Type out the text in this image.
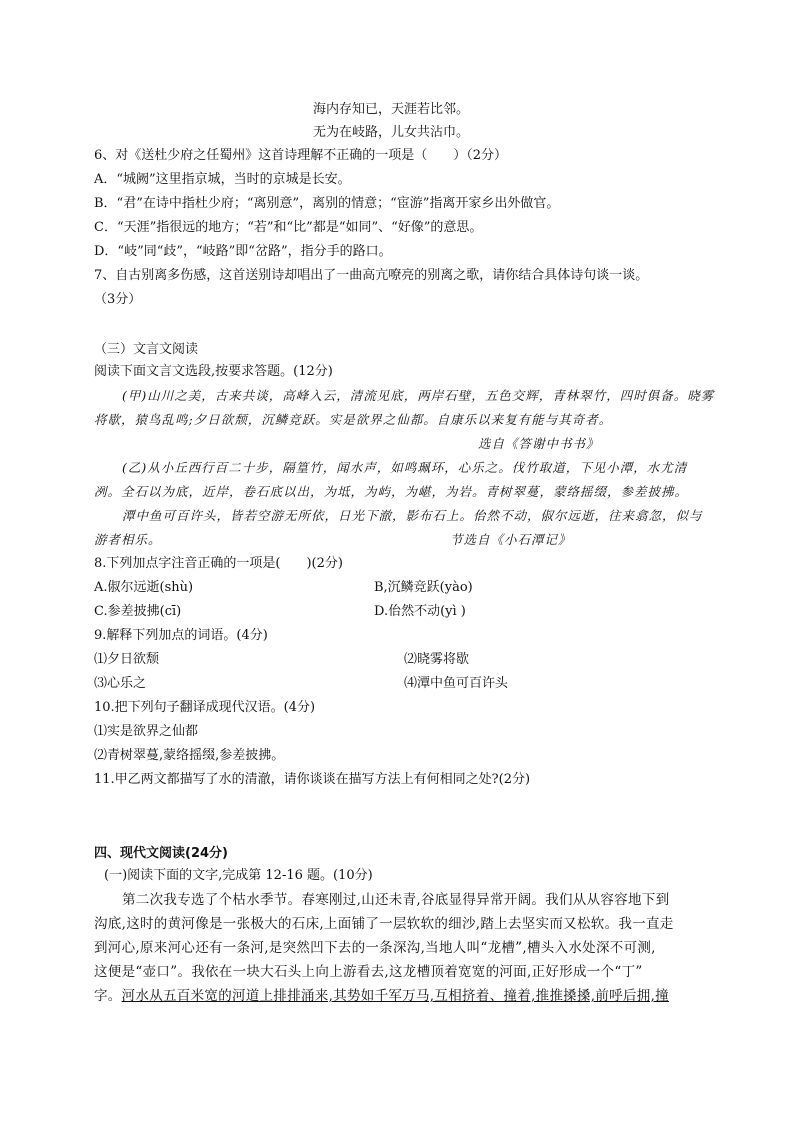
海内存知已，天涯若比邻。
无为在岐路，儿女共沾巾。
6、对《送杜少府之任蜀州》这首诗理解不正确的一项是（　　）（2分）
A．“城阙”这里指京城，当时的京城是长安。
B．“君”在诗中指杜少府；“离别意”，离别的情意；“宦游”指离开家乡出外做官。
C．“天涯”指很远的地方；“若”和“比”都是“如同”、“好像”的意思。
D．“岐”同“歧”，“岐路”即“岔路”，指分手的路口。
7、自古别离多伤感，这首送别诗却唱出了一曲高亢嘹亮的别离之歌，请你结合具体诗句谈一谈。
（3分）
（三）文言文阅读
阅读下面文言文选段,按要求答题。(12分)
(甲)山川之美，古来共谈，高峰入云，清流见底，两岸石壁，五色交辉，青林翠竹，四时俱备。晓雾
将歇，猿鸟乱鸣;夕日欲颓，沉鳞竞跃。实是欲界之仙都。自康乐以来复有能与其奇者。
选自《答谢中书书》
(乙)从小丘西行百二十步，隔篁竹，闻水声，如鸣珮环，心乐之。伐竹取道，下见小潭，水尤清
冽。全石以为底，近岸，卷石底以出，为坻，为屿，为嵁，为岩。青树翠蔓，蒙络摇缀，参差披拂。
潭中鱼可百许头，皆若空游无所依，日光下澈，影布石上。佁然不动，俶尔远逝，往来翕忽，似与
游者相乐。	节选自《小石潭记》
8.下列加点字注音正确的一项是(　　)(2分)
A.俶尔远逝(shù)	B,沉鳞竞跃(yào)
C.参差披拂(cī)	D.佁然不动(yì )
9.解释下列加点的词语。(4分)
⑴夕日欲颓	⑵晓雾将歇
⑶心乐之	⑷潭中鱼可百许头
10.把下列句子翻译成现代汉语。(4分)
⑴实是欲界之仙都
⑵青树翠蔓,蒙络摇缀,参差披拂。
11.甲乙两文都描写了水的清澈，请你谈谈在描写方法上有何相同之处?(2分)
四、现代文阅读(24分)
(一)阅读下面的文字,完成第 12-16 题。(10分)
第二次我专选了个枯水季节。春寒刚过,山还未青,谷底显得异常开阔。我们从从容容地下到
沟底,这时的黄河像是一张极大的石床,上面铺了一层软软的细沙,踏上去坚实而又松软。我一直走
到河心,原来河心还有一条河,是突然凹下去的一条深沟,当地人叫“龙槽”,槽头入水处深不可测,
这便是“壶口”。我依在一块大石头上向上游看去,这龙槽顶着宽宽的河面,正好形成一个“丁”
字。河水从五百米宽的河道上排排涌来,其势如千军万马,互相挤着、撞着,推推搡搡,前呼后拥,撞
